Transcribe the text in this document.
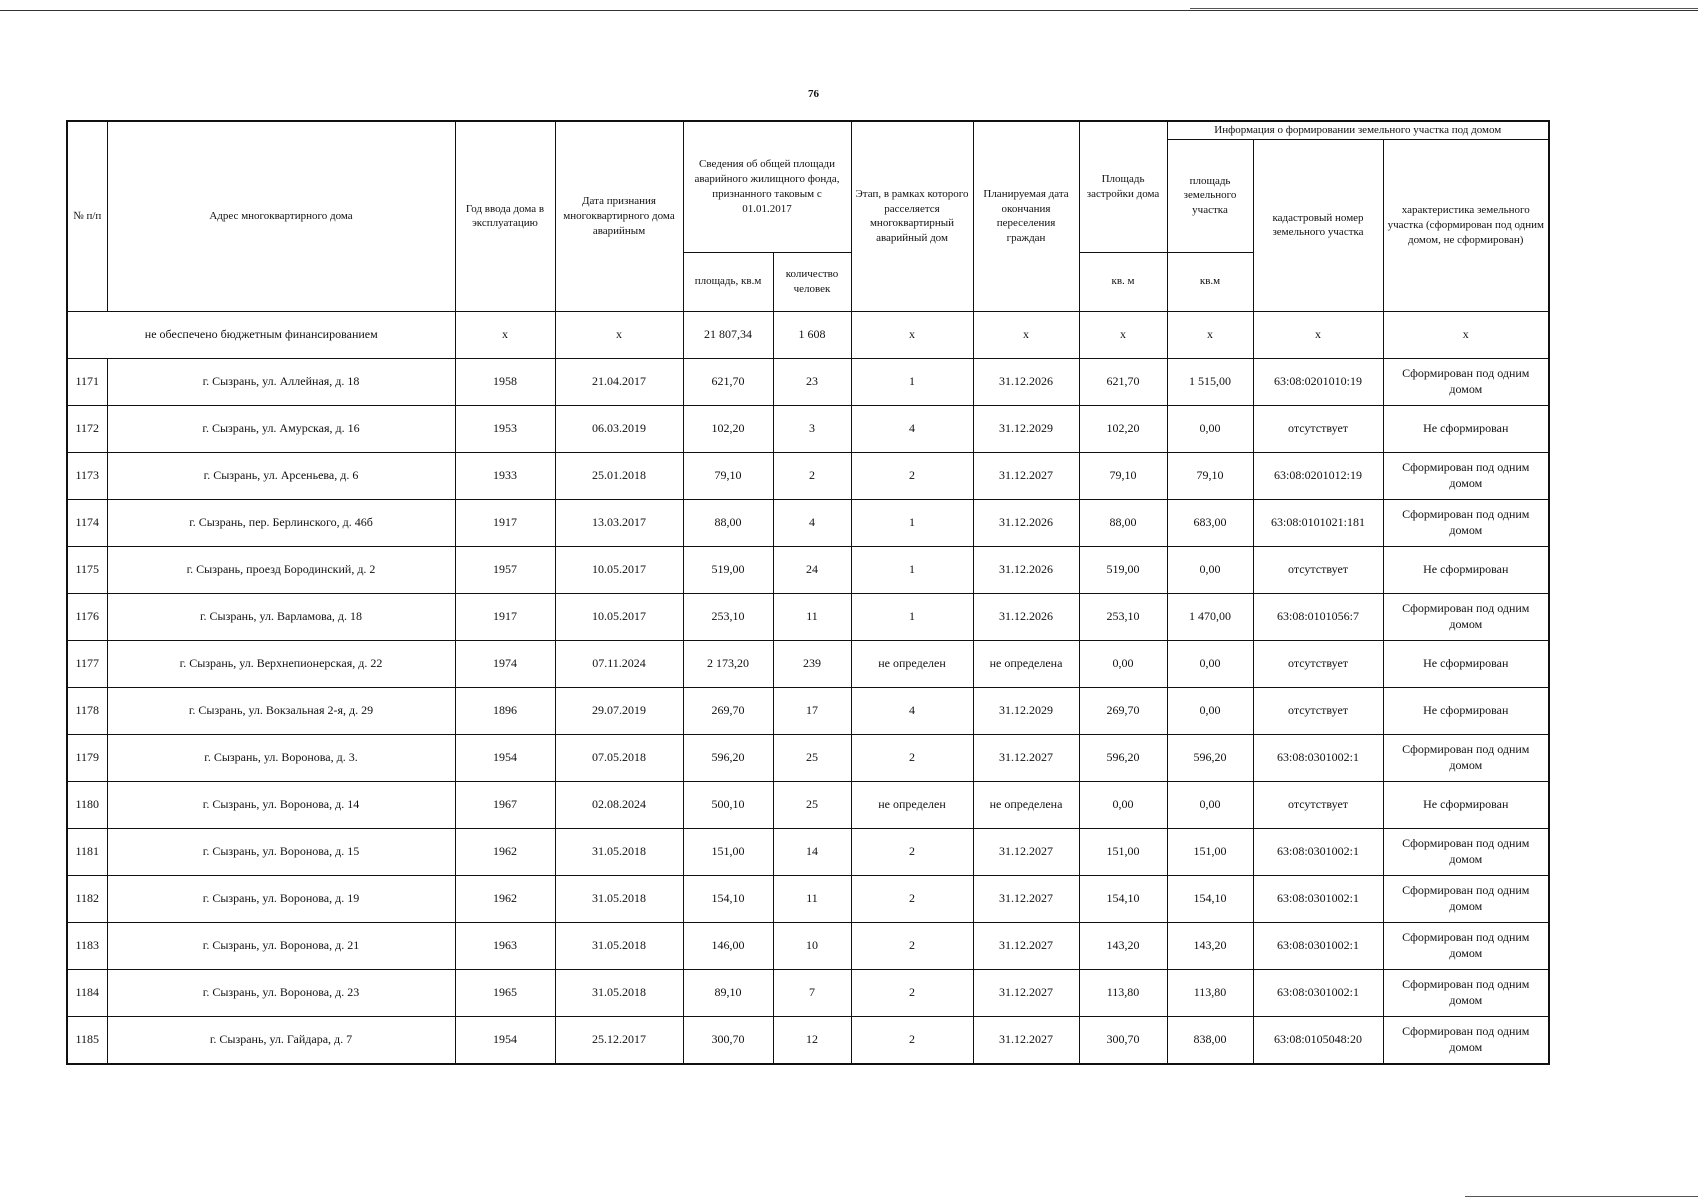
76
№ п/п	Адрес многоквартирного дома	Год ввода дома в эксплуатацию	Дата признания многоквартирного дома аварийным	Сведения об общей площади аварийного жилищного фонда, признанного таковым с 01.01.2017		Этап, в рамках которого расселяется многоквартирный аварийный дом	Планируемая дата окончания переселения граждан	Площадь застройки дома	Информация о формировании земельного участка под домом		
									площадь земельного участка	кадастровый номер земельного участка	характеристика земельного участка (сформирован под одним домом, не сформирован)
				площадь, кв.м	количество человек			кв. м	кв.м		
не обеспечено бюджетным финансированием		x	x	21 807,34	1 608	x	x	x	x	x	x
1171	г. Сызрань, ул. Аллейная, д. 18	1958	21.04.2017	621,70	23	1	31.12.2026	621,70	1 515,00	63:08:0201010:19	Сформирован под одним домом
1172	г. Сызрань, ул. Амурская, д. 16	1953	06.03.2019	102,20	3	4	31.12.2029	102,20	0,00	отсутствует	Не сформирован
1173	г. Сызрань, ул. Арсеньева, д. 6	1933	25.01.2018	79,10	2	2	31.12.2027	79,10	79,10	63:08:0201012:19	Сформирован под одним домом
1174	г. Сызрань, пер. Берлинского, д. 46б	1917	13.03.2017	88,00	4	1	31.12.2026	88,00	683,00	63:08:0101021:181	Сформирован под одним домом
1175	г. Сызрань, проезд Бородинский, д. 2	1957	10.05.2017	519,00	24	1	31.12.2026	519,00	0,00	отсутствует	Не сформирован
1176	г. Сызрань, ул. Варламова, д. 18	1917	10.05.2017	253,10	11	1	31.12.2026	253,10	1 470,00	63:08:0101056:7	Сформирован под одним домом
1177	г. Сызрань, ул. Верхнепионерская, д. 22	1974	07.11.2024	2 173,20	239	не определен	не определена	0,00	0,00	отсутствует	Не сформирован
1178	г. Сызрань, ул. Вокзальная 2-я, д. 29	1896	29.07.2019	269,70	17	4	31.12.2029	269,70	0,00	отсутствует	Не сформирован
1179	г. Сызрань, ул. Воронова, д. 3.	1954	07.05.2018	596,20	25	2	31.12.2027	596,20	596,20	63:08:0301002:1	Сформирован под одним домом
1180	г. Сызрань, ул. Воронова, д. 14	1967	02.08.2024	500,10	25	не определен	не определена	0,00	0,00	отсутствует	Не сформирован
1181	г. Сызрань, ул. Воронова, д. 15	1962	31.05.2018	151,00	14	2	31.12.2027	151,00	151,00	63:08:0301002:1	Сформирован под одним домом
1182	г. Сызрань, ул. Воронова, д. 19	1962	31.05.2018	154,10	11	2	31.12.2027	154,10	154,10	63:08:0301002:1	Сформирован под одним домом
1183	г. Сызрань, ул. Воронова, д. 21	1963	31.05.2018	146,00	10	2	31.12.2027	143,20	143,20	63:08:0301002:1	Сформирован под одним домом
1184	г. Сызрань, ул. Воронова, д. 23	1965	31.05.2018	89,10	7	2	31.12.2027	113,80	113,80	63:08:0301002:1	Сформирован под одним домом
1185	г. Сызрань, ул. Гайдара, д. 7	1954	25.12.2017	300,70	12	2	31.12.2027	300,70	838,00	63:08:0105048:20	Сформирован под одним домом
